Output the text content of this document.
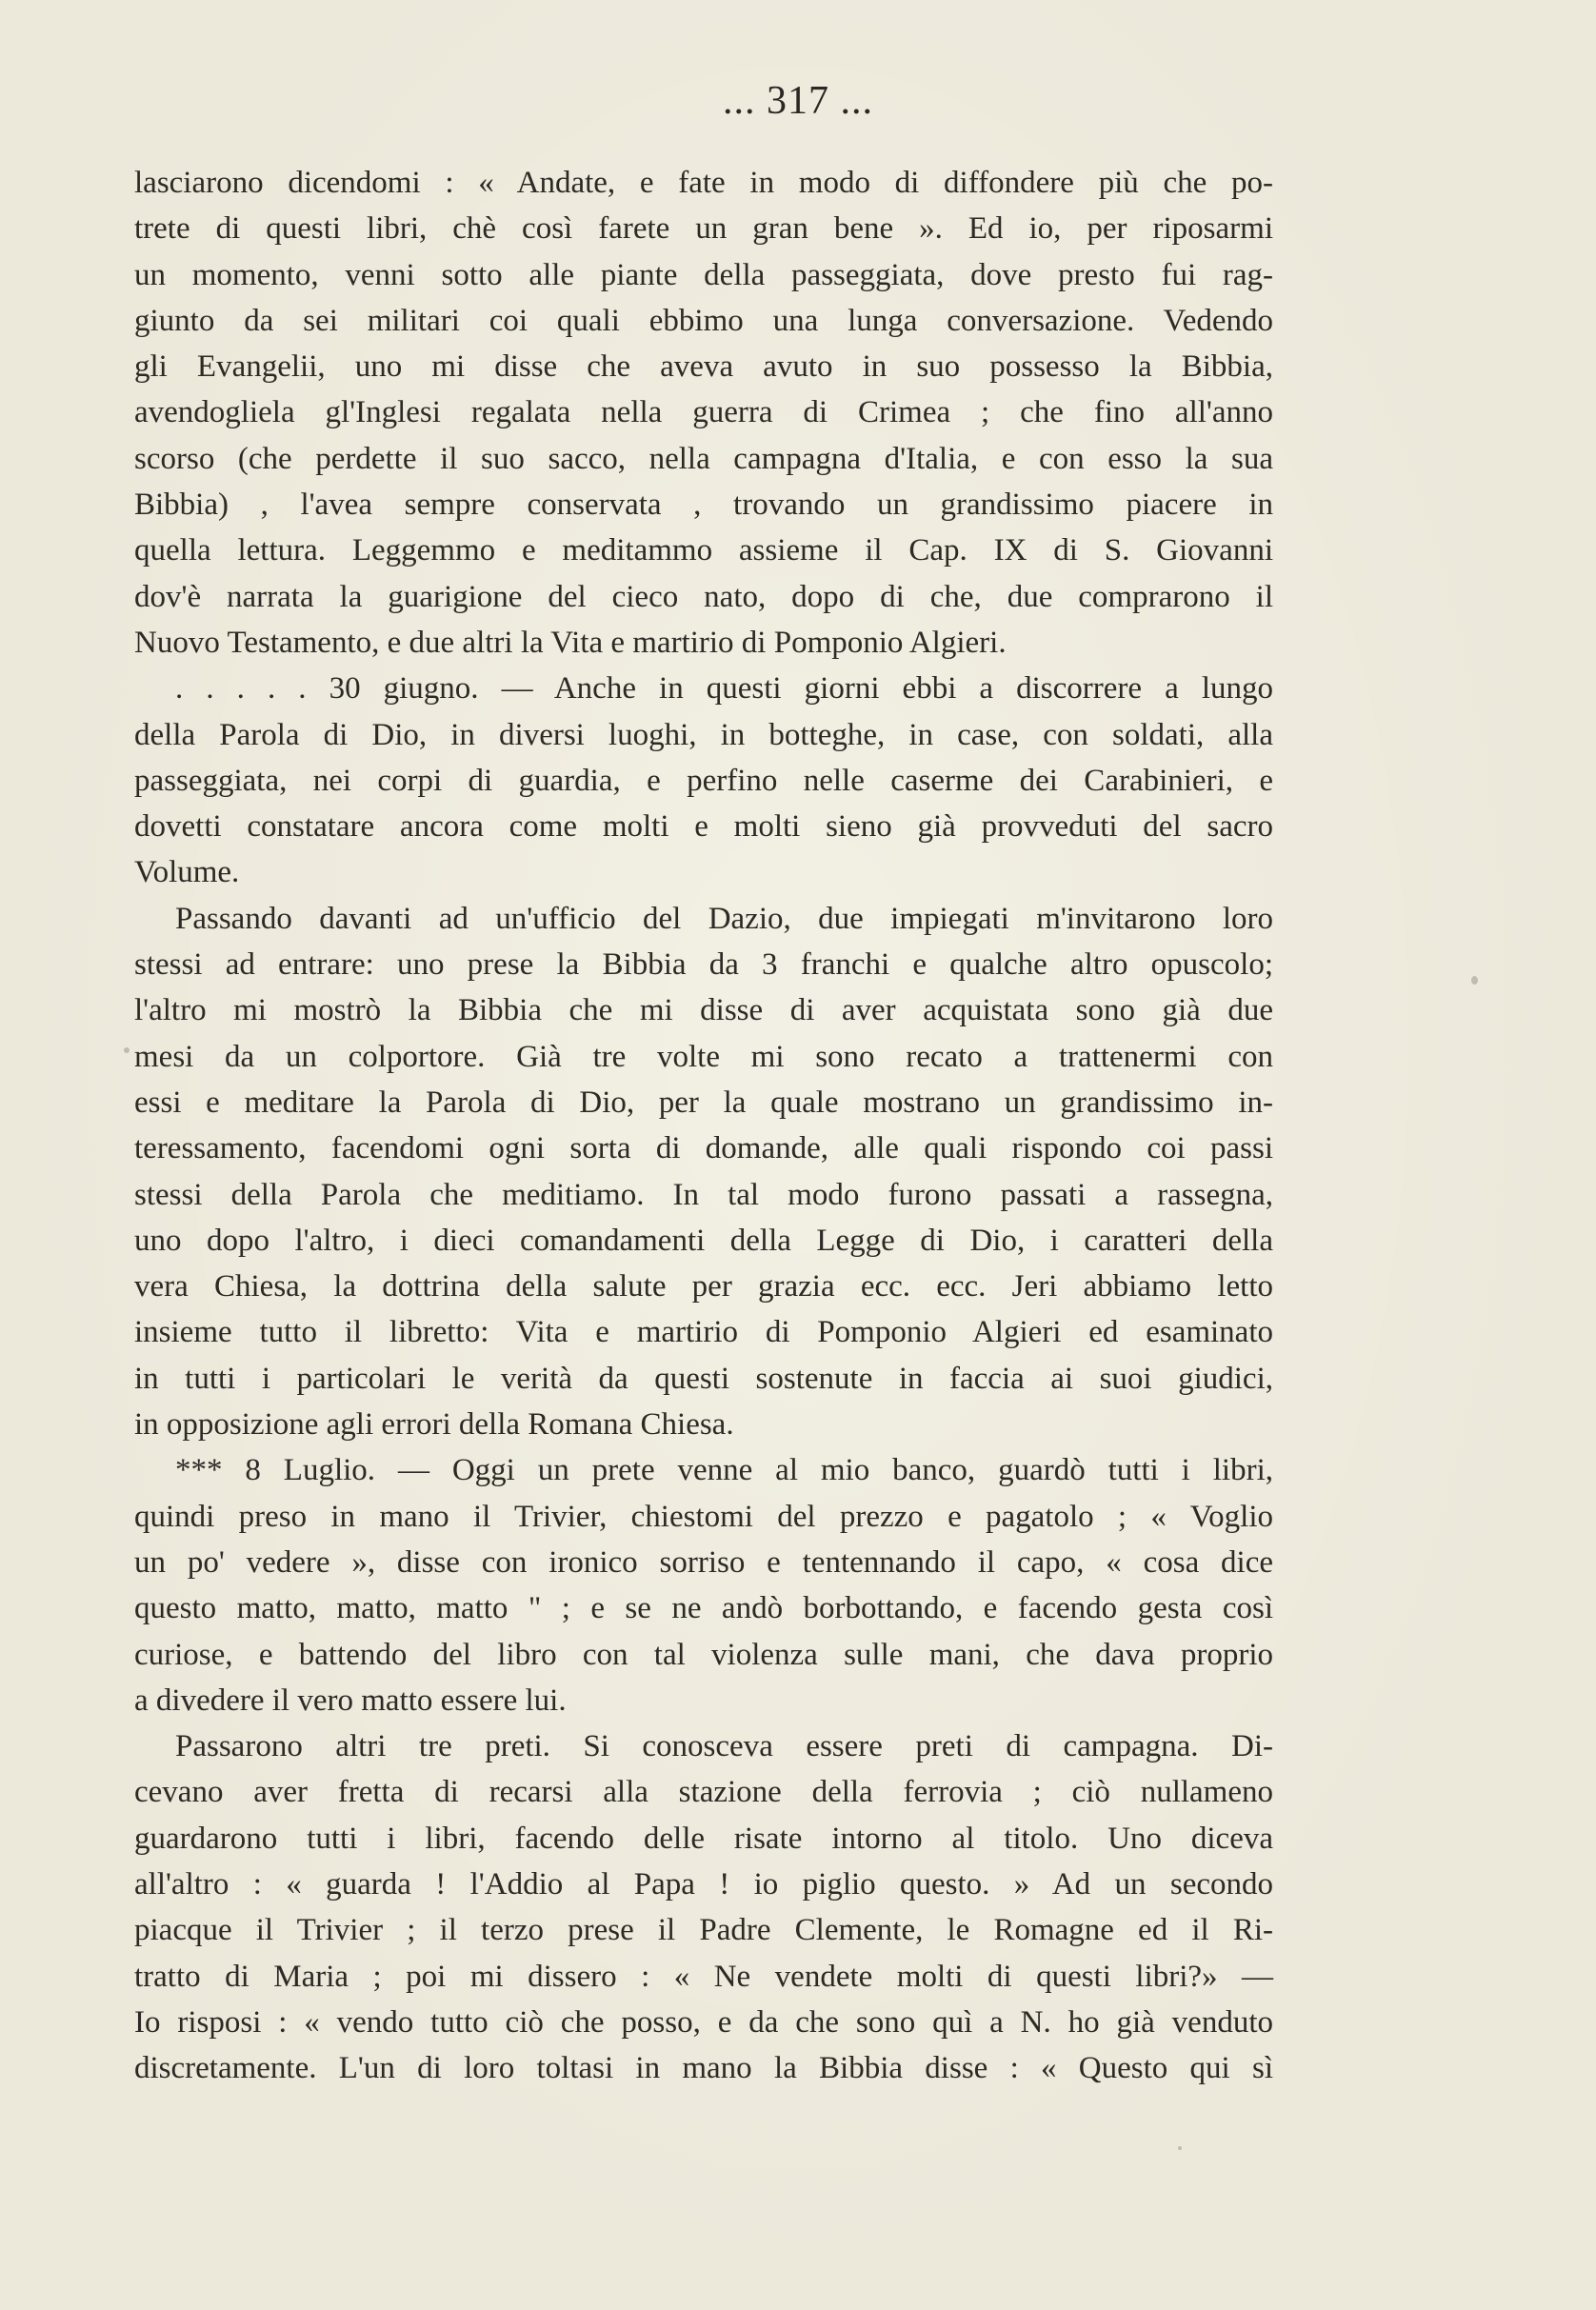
... 317 ...
lasciarono dicendomi : « Andate, e fate in modo di diffondere più che po-
trete di questi libri, chè così farete un gran bene ». Ed io, per riposarmi
un momento, venni sotto alle piante della passeggiata, dove presto fui rag-
giunto da sei militari coi quali ebbimo una lunga conversazione. Vedendo
gli Evangelii, uno mi disse che aveva avuto in suo possesso la Bibbia,
avendogliela gl'Inglesi regalata nella guerra di Crimea ; che fino all'anno
scorso (che perdette il suo sacco, nella campagna d'Italia, e con esso la sua
Bibbia) , l'avea sempre conservata , trovando un grandissimo piacere in
quella lettura. Leggemmo e meditammo assieme il Cap. IX di S. Giovanni
dov'è narrata la guarigione del cieco nato, dopo di che, due comprarono il
Nuovo Testamento, e due altri la Vita e martirio di Pomponio Algieri.
. . . . . 30 giugno. — Anche in questi giorni ebbi a discorrere a lungo
della Parola di Dio, in diversi luoghi, in botteghe, in case, con soldati, alla
passeggiata, nei corpi di guardia, e perfino nelle caserme dei Carabinieri, e
dovetti constatare ancora come molti e molti sieno già provveduti del sacro
Volume.
Passando davanti ad un'ufficio del Dazio, due impiegati m'invitarono loro
stessi ad entrare: uno prese la Bibbia da 3 franchi e qualche altro opuscolo;
l'altro mi mostrò la Bibbia che mi disse di aver acquistata sono già due
mesi da un colportore. Già tre volte mi sono recato a trattenermi con
essi e meditare la Parola di Dio, per la quale mostrano un grandissimo in-
teressamento, facendomi ogni sorta di domande, alle quali rispondo coi passi
stessi della Parola che meditiamo. In tal modo furono passati a rassegna,
uno dopo l'altro, i dieci comandamenti della Legge di Dio, i caratteri della
vera Chiesa, la dottrina della salute per grazia ecc. ecc. Jeri abbiamo letto
insieme tutto il libretto: Vita e martirio di Pomponio Algieri ed esaminato
in tutti i particolari le verità da questi sostenute in faccia ai suoi giudici,
in opposizione agli errori della Romana Chiesa.
*** 8 Luglio. — Oggi un prete venne al mio banco, guardò tutti i libri,
quindi preso in mano il Trivier, chiestomi del prezzo e pagatolo ; « Voglio
un po' vedere », disse con ironico sorriso e tentennando il capo, « cosa dice
questo matto, matto, matto " ; e se ne andò borbottando, e facendo gesta così
curiose, e battendo del libro con tal violenza sulle mani, che dava proprio
a divedere il vero matto essere lui.
Passarono altri tre preti. Si conosceva essere preti di campagna. Di-
cevano aver fretta di recarsi alla stazione della ferrovia ; ciò nullameno
guardarono tutti i libri, facendo delle risate intorno al titolo. Uno diceva
all'altro : « guarda ! l'Addio al Papa ! io piglio questo. » Ad un secondo
piacque il Trivier ; il terzo prese il Padre Clemente, le Romagne ed il Ri-
tratto di Maria ; poi mi dissero : « Ne vendete molti di questi libri?» —
Io risposi : « vendo tutto ciò che posso, e da che sono quì a N. ho già venduto
discretamente. L'un di loro toltasi in mano la Bibbia disse : « Questo qui sì
